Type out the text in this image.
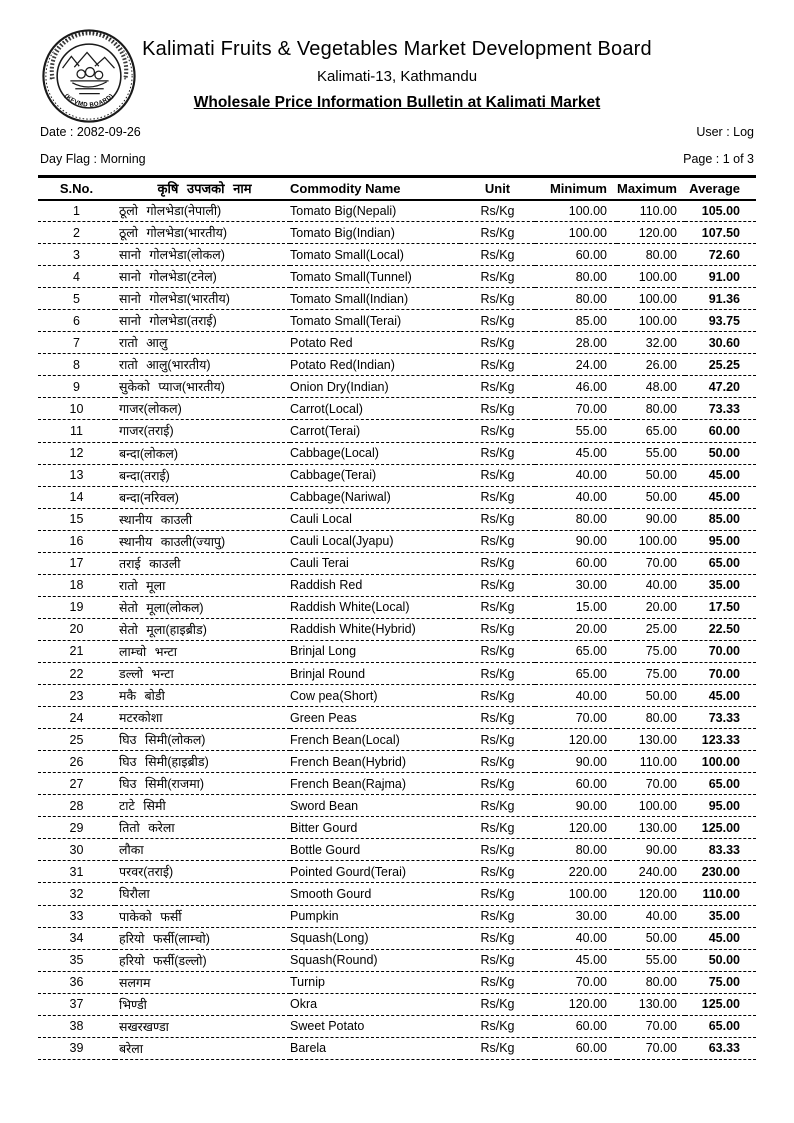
*	*
(KFVMD BOARD)
Kalimati Fruits & Vegetables Market Development Board
Kalimati-13, Kathmandu
Wholesale Price Information Bulletin at Kalimati Market
Date : 2082-09-26	User : Log
Day Flag : Morning	Page : 1 of 3
S.No.	कृषि उपजको नाम	Commodity Name	Unit	Minimum	Maximum	Average
1	ठूलो गोलभेडा(नेपाली)	Tomato Big(Nepali)	Rs/Kg	100.00	110.00	105.00
2	ठूलो गोलभेडा(भारतीय)	Tomato Big(Indian)	Rs/Kg	100.00	120.00	107.50
3	सानो गोलभेडा(लोकल)	Tomato Small(Local)	Rs/Kg	60.00	80.00	72.60
4	सानो गोलभेडा(टनेल)	Tomato Small(Tunnel)	Rs/Kg	80.00	100.00	91.00
5	सानो गोलभेडा(भारतीय)	Tomato Small(Indian)	Rs/Kg	80.00	100.00	91.36
6	सानो गोलभेडा(तराई)	Tomato Small(Terai)	Rs/Kg	85.00	100.00	93.75
7	रातो आलु	Potato Red	Rs/Kg	28.00	32.00	30.60
8	रातो आलु(भारतीय)	Potato Red(Indian)	Rs/Kg	24.00	26.00	25.25
9	सुकेको प्याज(भारतीय)	Onion Dry(Indian)	Rs/Kg	46.00	48.00	47.20
10	गाजर(लोकल)	Carrot(Local)	Rs/Kg	70.00	80.00	73.33
11	गाजर(तराई)	Carrot(Terai)	Rs/Kg	55.00	65.00	60.00
12	बन्दा(लोकल)	Cabbage(Local)	Rs/Kg	45.00	55.00	50.00
13	बन्दा(तराई)	Cabbage(Terai)	Rs/Kg	40.00	50.00	45.00
14	बन्दा(नरिवल)	Cabbage(Nariwal)	Rs/Kg	40.00	50.00	45.00
15	स्थानीय काउली	Cauli Local	Rs/Kg	80.00	90.00	85.00
16	स्थानीय काउली(ज्यापु)	Cauli Local(Jyapu)	Rs/Kg	90.00	100.00	95.00
17	तराई काउली	Cauli Terai	Rs/Kg	60.00	70.00	65.00
18	रातो मूला	Raddish Red	Rs/Kg	30.00	40.00	35.00
19	सेतो मूला(लोकल)	Raddish White(Local)	Rs/Kg	15.00	20.00	17.50
20	सेतो मूला(हाइब्रीड)	Raddish White(Hybrid)	Rs/Kg	20.00	25.00	22.50
21	लाम्चो भन्टा	Brinjal Long	Rs/Kg	65.00	75.00	70.00
22	डल्लो भन्टा	Brinjal Round	Rs/Kg	65.00	75.00	70.00
23	मकै बोडी	Cow pea(Short)	Rs/Kg	40.00	50.00	45.00
24	मटरकोशा	Green Peas	Rs/Kg	70.00	80.00	73.33
25	घिउ सिमी(लोकल)	French Bean(Local)	Rs/Kg	120.00	130.00	123.33
26	घिउ सिमी(हाइब्रीड)	French Bean(Hybrid)	Rs/Kg	90.00	110.00	100.00
27	घिउ सिमी(राजमा)	French Bean(Rajma)	Rs/Kg	60.00	70.00	65.00
28	टाटे सिमी	Sword Bean	Rs/Kg	90.00	100.00	95.00
29	तितो करेला	Bitter Gourd	Rs/Kg	120.00	130.00	125.00
30	लौका	Bottle Gourd	Rs/Kg	80.00	90.00	83.33
31	परवर(तराई)	Pointed Gourd(Terai)	Rs/Kg	220.00	240.00	230.00
32	घिरौला	Smooth Gourd	Rs/Kg	100.00	120.00	110.00
33	पाकेको फर्सी	Pumpkin	Rs/Kg	30.00	40.00	35.00
34	हरियो फर्सी(लाम्चो)	Squash(Long)	Rs/Kg	40.00	50.00	45.00
35	हरियो फर्सी(डल्लो)	Squash(Round)	Rs/Kg	45.00	55.00	50.00
36	सलगम	Turnip	Rs/Kg	70.00	80.00	75.00
37	भिण्डी	Okra	Rs/Kg	120.00	130.00	125.00
38	सखरखण्डा	Sweet Potato	Rs/Kg	60.00	70.00	65.00
39	बरेला	Barela	Rs/Kg	60.00	70.00	63.33
